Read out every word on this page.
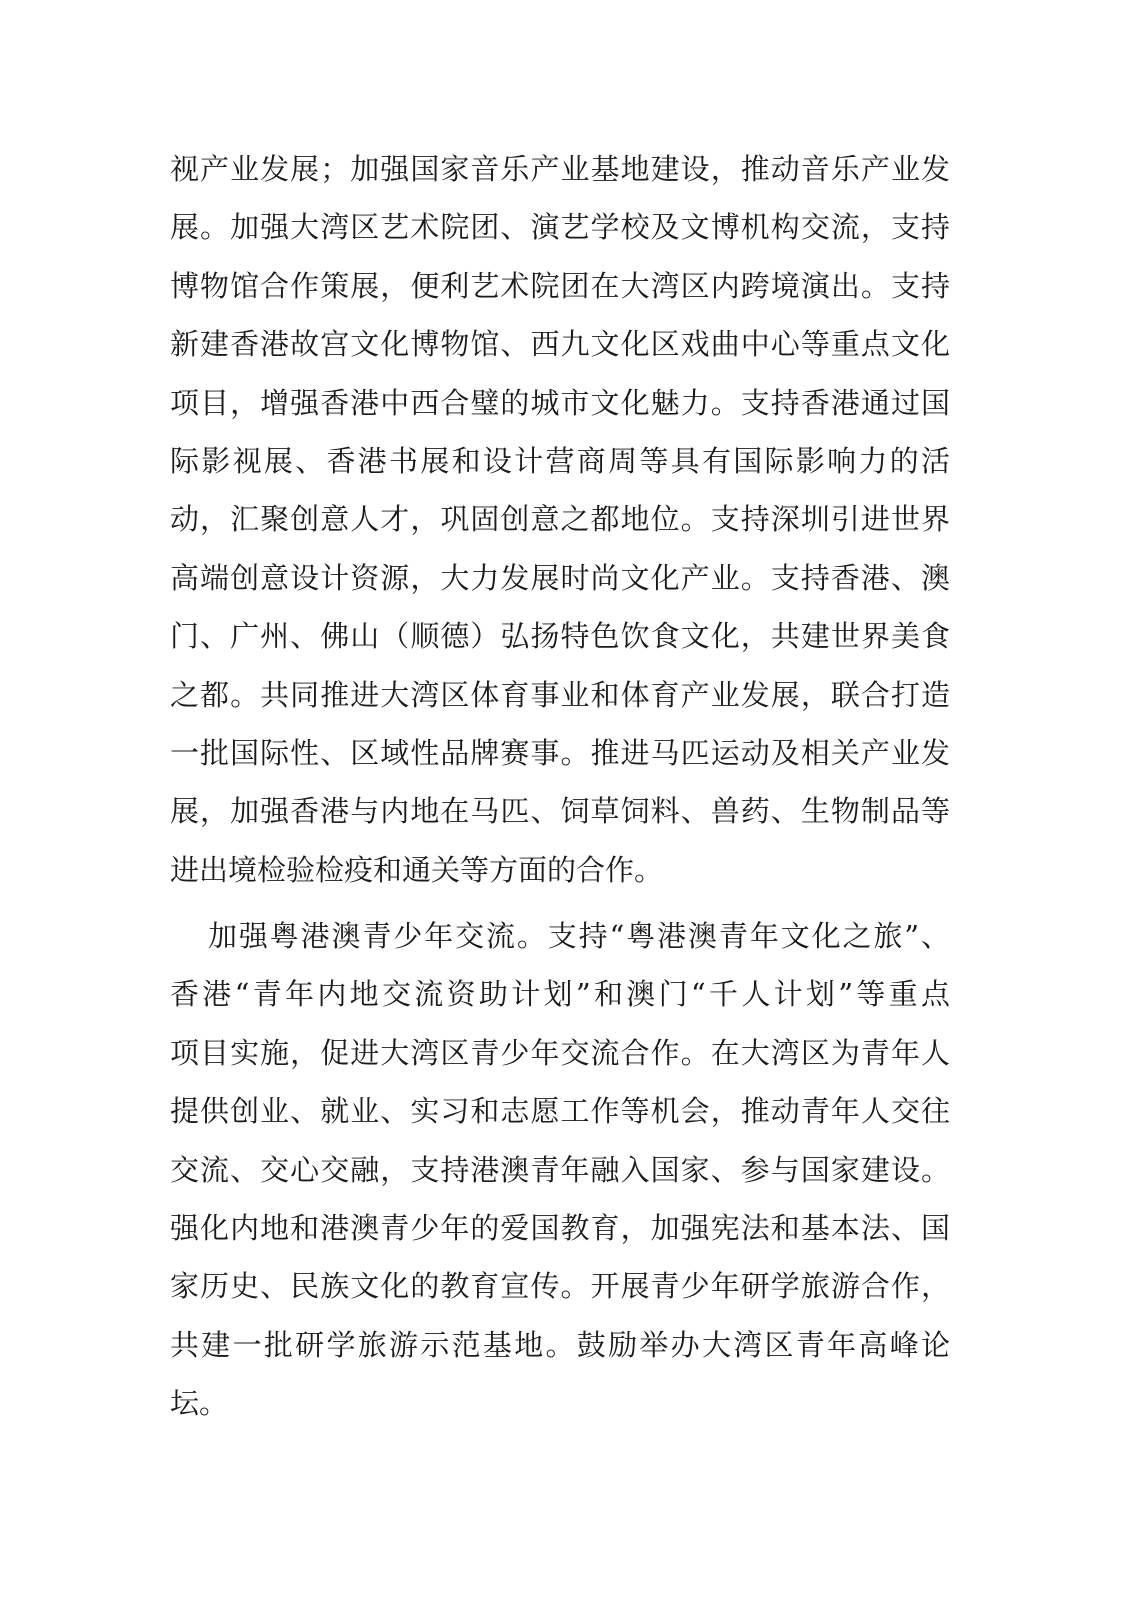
视产业发展；加强国家音乐产业基地建设，推动音乐产业发
展。加强大湾区艺术院团、演艺学校及文博机构交流，支持
博物馆合作策展，便利艺术院团在大湾区内跨境演出。支持
新建香港故宫文化博物馆、西九文化区戏曲中心等重点文化
项目，增强香港中西合璧的城市文化魅力。支持香港通过国
际影视展、香港书展和设计营商周等具有国际影响力的活
动，汇聚创意人才，巩固创意之都地位。支持深圳引进世界
高端创意设计资源，大力发展时尚文化产业。支持香港、澳
门、广州、佛山（顺德）弘扬特色饮食文化，共建世界美食
之都。共同推进大湾区体育事业和体育产业发展，联合打造
一批国际性、区域性品牌赛事。推进马匹运动及相关产业发
展，加强香港与内地在马匹、饲草饲料、兽药、生物制品等
进出境检验检疫和通关等方面的合作。
加强粤港澳青少年交流。支持“粤港澳青年文化之旅”、
香港“青年内地交流资助计划”和澳门“千人计划”等重点
项目实施，促进大湾区青少年交流合作。在大湾区为青年人
提供创业、就业、实习和志愿工作等机会，推动青年人交往
交流、交心交融，支持港澳青年融入国家、参与国家建设。
强化内地和港澳青少年的爱国教育，加强宪法和基本法、国
家历史、民族文化的教育宣传。开展青少年研学旅游合作，
共建一批研学旅游示范基地。鼓励举办大湾区青年高峰论
坛。
